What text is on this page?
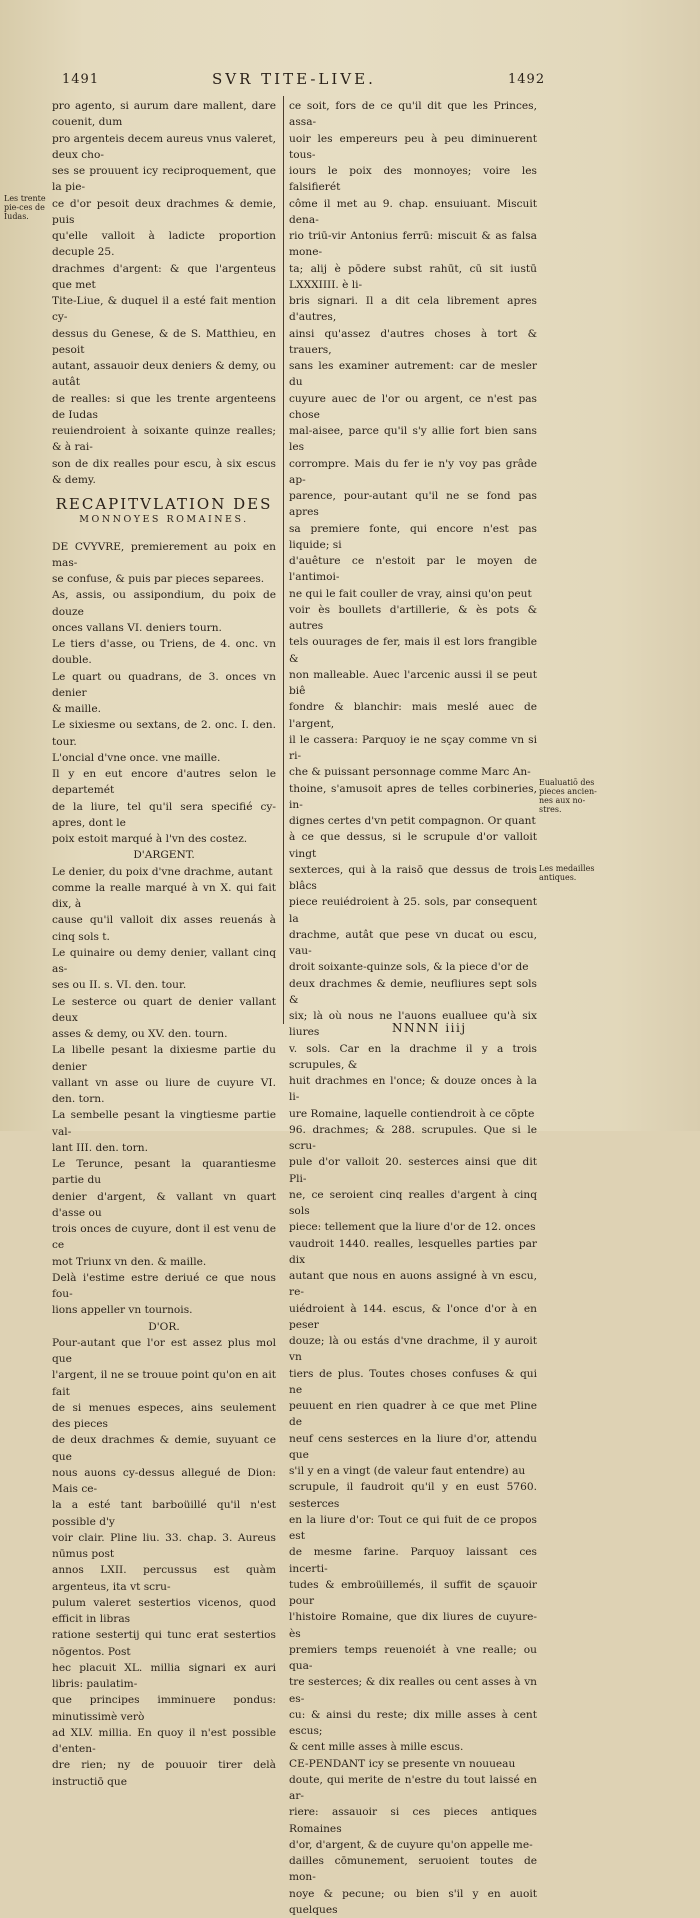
1491	SVR TITE-LIVE.	1492

pro agento, si aurum dare mallent, dare couenit, dum

pro argenteis decem aureus vnus valeret, deux cho-

ses se prouuent icy reciproquement, que la pie-

ce d'or pesoit deux drachmes & demie, puis

qu'elle valloit à ladicte proportion decuple 25.

drachmes d'argent: & que l'argenteus que met

Tite-Liue, & duquel il a esté fait mention cy-

dessus du Genese, & de S. Matthieu, en pesoit

autant, assauoir deux deniers & demy, ou autât

de realles: si que les trente argenteens de Iudas

reuiendroient à soixante quinze realles; & à rai-

son de dix realles pour escu, à six escus & demy.

RECAPITVLATION DES

MONNOYES ROMAINES.

DE CVYVRE, premierement au poix en mas-

se confuse, & puis par pieces separees.

As, assis, ou assipondium, du poix de douze

onces vallans VI. deniers tourn.

Le tiers d'asse, ou Triens, de 4. onc. vn double.

Le quart ou quadrans, de 3. onces vn denier

& maille.

Le sixiesme ou sextans, de 2. onc. I. den. tour.

L'oncial d'vne once. vne maille.

Il y en eut encore d'autres selon le departemét

de la liure, tel qu'il sera specifié cy-apres, dont le

poix estoit marqué à l'vn des costez.

D'ARGENT.

Le denier, du poix d'vne drachme, autant

comme la realle marqué à vn X. qui fait dix, à

cause qu'il valloit dix asses reuenás à cinq sols t.

Le quinaire ou demy denier, vallant cinq as-

ses ou II. s. VI. den. tour.

Le sesterce ou quart de denier vallant deux

asses & demy, ou XV. den. tourn.

La libelle pesant la dixiesme partie du denier

vallant vn asse ou liure de cuyure VI. den. torn.

La sembelle pesant la vingtiesme partie val-

lant III. den. torn.

Le Terunce, pesant la quarantiesme partie du

denier d'argent, & vallant vn quart d'asse ou

trois onces de cuyure, dont il est venu de ce

mot Triunx vn den. & maille.

Delà i'estime estre deriué ce que nous fou-

lions appeller vn tournois.

D'OR.

Pour-autant que l'or est assez plus mol que

l'argent, il ne se trouue point qu'on en ait fait

de si menues especes, ains seulement des pieces

de deux drachmes & demie, suyuant ce que

nous auons cy-dessus allegué de Dion: Mais ce-

la a esté tant barboüillé qu'il n'est possible d'y

voir clair. Pline liu. 33. chap. 3. Aureus nūmus post

annos LXII. percussus est quàm argenteus, ita vt scru-

pulum valeret sestertios vicenos, quod efficit in libras

ratione sestertij qui tunc erat sestertios nōgentos. Post

hec placuit XL. millia signari ex auri libris: paulatim-

que principes imminuere pondus: minutissimè verò

ad XLV. millia. En quoy il n'est possible d'enten-

dre rien; ny de pouuoir tirer delà instructiō que

ce soit, fors de ce qu'il dit que les Princes, assa-

uoir les empereurs peu à peu diminuerent tous-

iours le poix des monnoyes; voire les falsifierét

côme il met au 9. chap. ensuiuant. Miscuit dena-

rio triū-vir Antonius ferrū: miscuit & as falsa mone-

ta; alij è pōdere subst rahūt, cū sit iustū LXXXIIII. è li-

bris signari. Il a dit cela librement apres d'autres,

ainsi qu'assez d'autres choses à tort & trauers,

sans les examiner autrement: car de mesler du

cuyure auec de l'or ou argent, ce n'est pas chose

mal-aisee, parce qu'il s'y allie fort bien sans les

corrompre. Mais du fer ie n'y voy pas grâde ap-

parence, pour-autant qu'il ne se fond pas apres

sa premiere fonte, qui encore n'est pas liquide; si

d'auêture ce n'estoit par le moyen de l'antimoi-

ne qui le fait couller de vray, ainsi qu'on peut

voir ès boullets d'artillerie, & ès pots & autres

tels ouurages de fer, mais il est lors frangible &

non malleable. Auec l'arcenic aussi il se peut biê

fondre & blanchir: mais meslé auec de l'argent,

il le cassera: Parquoy ie ne sçay comme vn si ri-

che & puissant personnage comme Marc An-

thoine, s'amusoit apres de telles corbineries, in-

dignes certes d'vn petit compagnon. Or quant

à ce que dessus, si le scrupule d'or valloit vingt

sexterces, qui à la raisō que dessus de trois blâcs

piece reuiédroient à 25. sols, par consequent la

drachme, autât que pese vn ducat ou escu, vau-

droit soixante-quinze sols, & la piece d'or de

deux drachmes & demie, neufliures sept sols &

six; là où nous ne l'auons eualluee qu'à six liures

v. sols. Car en la drachme il y a trois scrupules, &

huit drachmes en l'once; & douze onces à la li-

ure Romaine, laquelle contiendroit à ce cōpte

96. drachmes; & 288. scrupules. Que si le scru-

pule d'or valloit 20. sesterces ainsi que dit Pli-

ne, ce seroient cinq realles d'argent à cinq sols

piece: tellement que la liure d'or de 12. onces

vaudroit 1440. realles, lesquelles parties par dix

autant que nous en auons assigné à vn escu, re-

uiédroient à 144. escus, & l'once d'or à en peser

douze; là ou estás d'vne drachme, il y auroit vn

tiers de plus. Toutes choses confuses & qui ne

peuuent en rien quadrer à ce que met Pline de

neuf cens sesterces en la liure d'or, attendu que

s'il y en a vingt (de valeur faut entendre) au

scrupule, il faudroit qu'il y en eust 5760. sesterces

en la liure d'or: Tout ce qui fuit de ce propos est

de mesme farine. Parquoy laissant ces incerti-

tudes & embroüillemés, il suffit de sçauoir pour

l'histoire Romaine, que dix liures de cuyure-ès

premiers temps reuenoiét à vne realle; ou qua-

tre sesterces; & dix realles ou cent asses à vn es-

cu: & ainsi du reste; dix mille asses à cent escus;

& cent mille asses à mille escus.

CE-PENDANT icy se presente vn nouueau

doute, qui merite de n'estre du tout laissé en ar-

riere: assauoir si ces pieces antiques Romaines

d'or, d'argent, & de cuyure qu'on appelle me-

dailles cōmunement, seruoient toutes de mon-

noye & pecune; ou bien s'il y en auoit quelques

NNNN iiij
Les trente pie-ces de Iudas.
Eualuatiō des pieces ancien-nes aux no-stres.
Les medailles antiques.
